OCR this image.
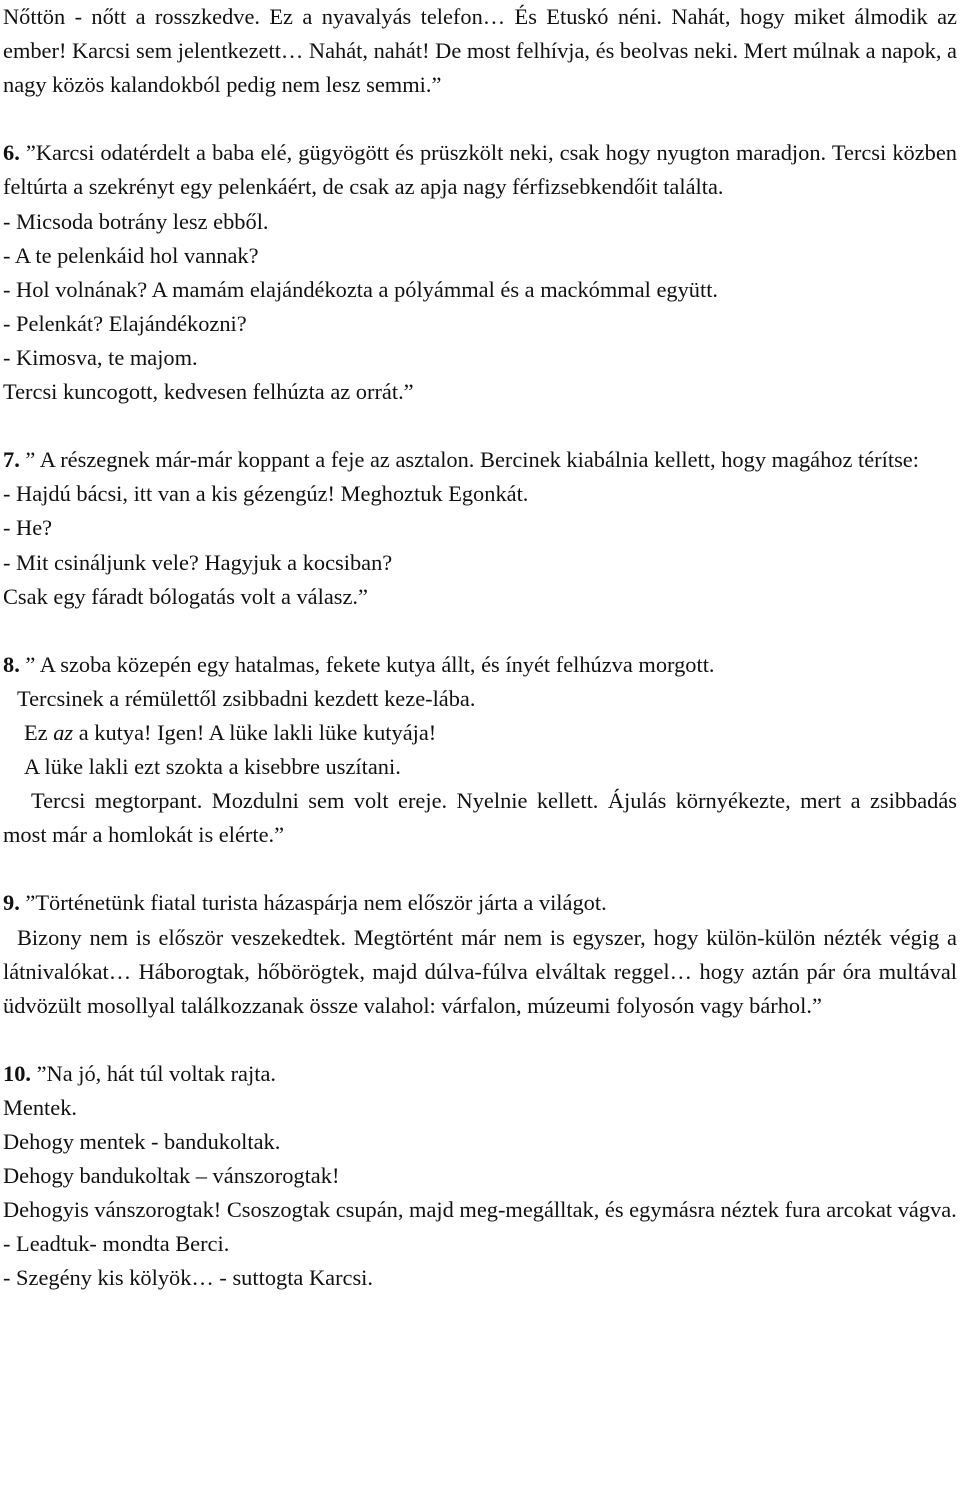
Nőttön - nőtt a rosszkedve. Ez a nyavalyás telefon… És Etuskó néni. Nahát, hogy miket álmodik az ember! Karcsi sem jelentkezett… Nahát, nahát! De most felhívja, és beolvas neki. Mert múlnak a napok, a nagy közös kalandokból pedig nem lesz semmi.”

6. ”Karcsi odatérdelt a baba elé, gügyögött és prüszkölt neki, csak hogy nyugton maradjon. Tercsi közben feltúrta a szekrényt egy pelenkáért, de csak az apja nagy férfizsebkendőit találta.

- Micsoda botrány lesz ebből.

- A te pelenkáid hol vannak?

- Hol volnának? A mamám elajándékozta a pólyámmal és a mackómmal együtt.

- Pelenkát? Elajándékozni?

- Kimosva, te majom.

Tercsi kuncogott, kedvesen felhúzta az orrát.”

7. ” A részegnek már-már koppant a feje az asztalon. Bercinek kiabálnia kellett, hogy magához térítse:

- Hajdú bácsi, itt van a kis gézengúz! Meghoztuk Egonkát.

- He?

- Mit csináljunk vele? Hagyjuk a kocsiban?

Csak egy fáradt bólogatás volt a válasz.”

8. ” A szoba közepén egy hatalmas, fekete kutya állt, és ínyét felhúzva morgott.

Tercsinek a rémülettől zsibbadni kezdett keze-lába.

Ez az a kutya! Igen! A lüke lakli lüke kutyája!

A lüke lakli ezt szokta a kisebbre uszítani.

Tercsi megtorpant. Mozdulni sem volt ereje. Nyelnie kellett. Ájulás környékezte, mert a zsibbadás most már a homlokát is elérte.”

9. ”Történetünk fiatal turista házaspárja nem először járta a világot.

Bizony nem is először veszekedtek. Megtörtént már nem is egyszer, hogy külön-külön nézték végig a látnivalókat… Háborogtak, hőbörögtek, majd dúlva-fúlva elváltak reggel… hogy aztán pár óra multával üdvözült mosollyal találkozzanak össze valahol: várfalon, múzeumi folyosón vagy bárhol.”

10. ”Na jó, hát túl voltak rajta.

Mentek.

Dehogy mentek - bandukoltak.

Dehogy bandukoltak – vánszorogtak!

Dehogyis vánszorogtak! Csoszogtak csupán, majd meg-megálltak, és egymásra néztek fura arcokat vágva.

- Leadtuk- mondta Berci.

- Szegény kis kölyök… - suttogta Karcsi.
